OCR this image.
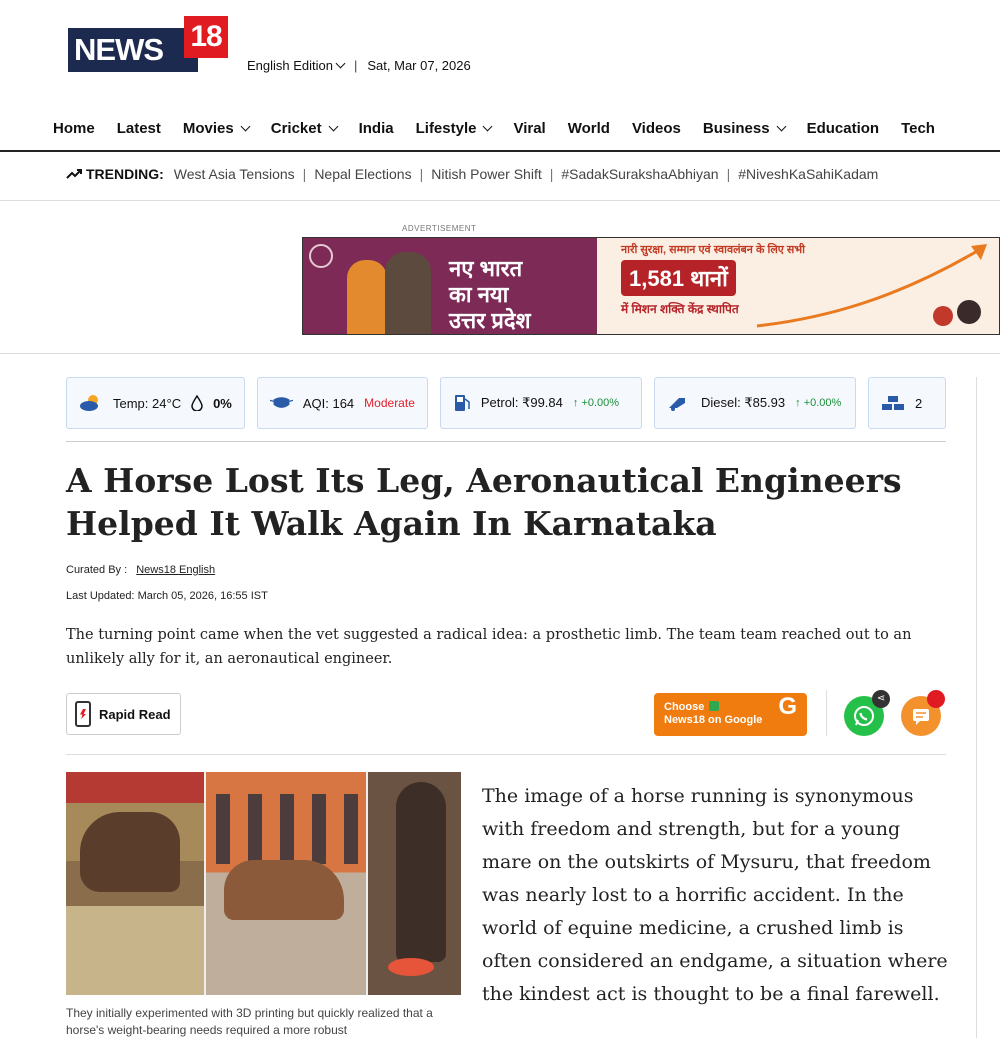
NEWS 18
English Edition	| Sat, Mar 07, 2026
Home Latest Movies Cricket India Lifestyle Viral World Videos Business Education Tech
TRENDING: West Asia Tensions | Nepal Elections | Nitish Power Shift | #SadakSurakshaAbhiyan | #NiveshKaSahiKadam
ADVERTISEMENT
नए भारत
का नया
उत्तर प्रदेश
नारी सुरक्षा, सम्मान एवं स्वावलंबन के लिए सभी
1,581 थानों
में मिशन शक्ति केंद्र स्थापित
Temp: 24°C 0%	AQI: 164 Moderate	Petrol: ₹99.84 ↑ +0.00%	Diesel: ₹85.93 ↑ +0.00%	2
A Horse Lost Its Leg, Aeronautical Engineers Helped It Walk Again In Karnataka
Curated By : News18 English
Last Updated: March 05, 2026, 16:55 IST

The turning point came when the vet suggested a radical idea: a prosthetic limb. The team team reached out to an unlikely ally for it, an aeronautical engineer.

Rapid Read	Choose
News18 on Google G	⋖

They initially experimented with 3D printing but quickly realized that a horse's weight-bearing needs required a more robust

The image of a horse running is synonymous with freedom and strength, but for a young mare on the outskirts of Mysuru, that freedom was nearly lost to a horrific accident. In the world of equine medicine, a crushed limb is often considered an endgame, a situation where the kindest act is thought to be a final farewell.
